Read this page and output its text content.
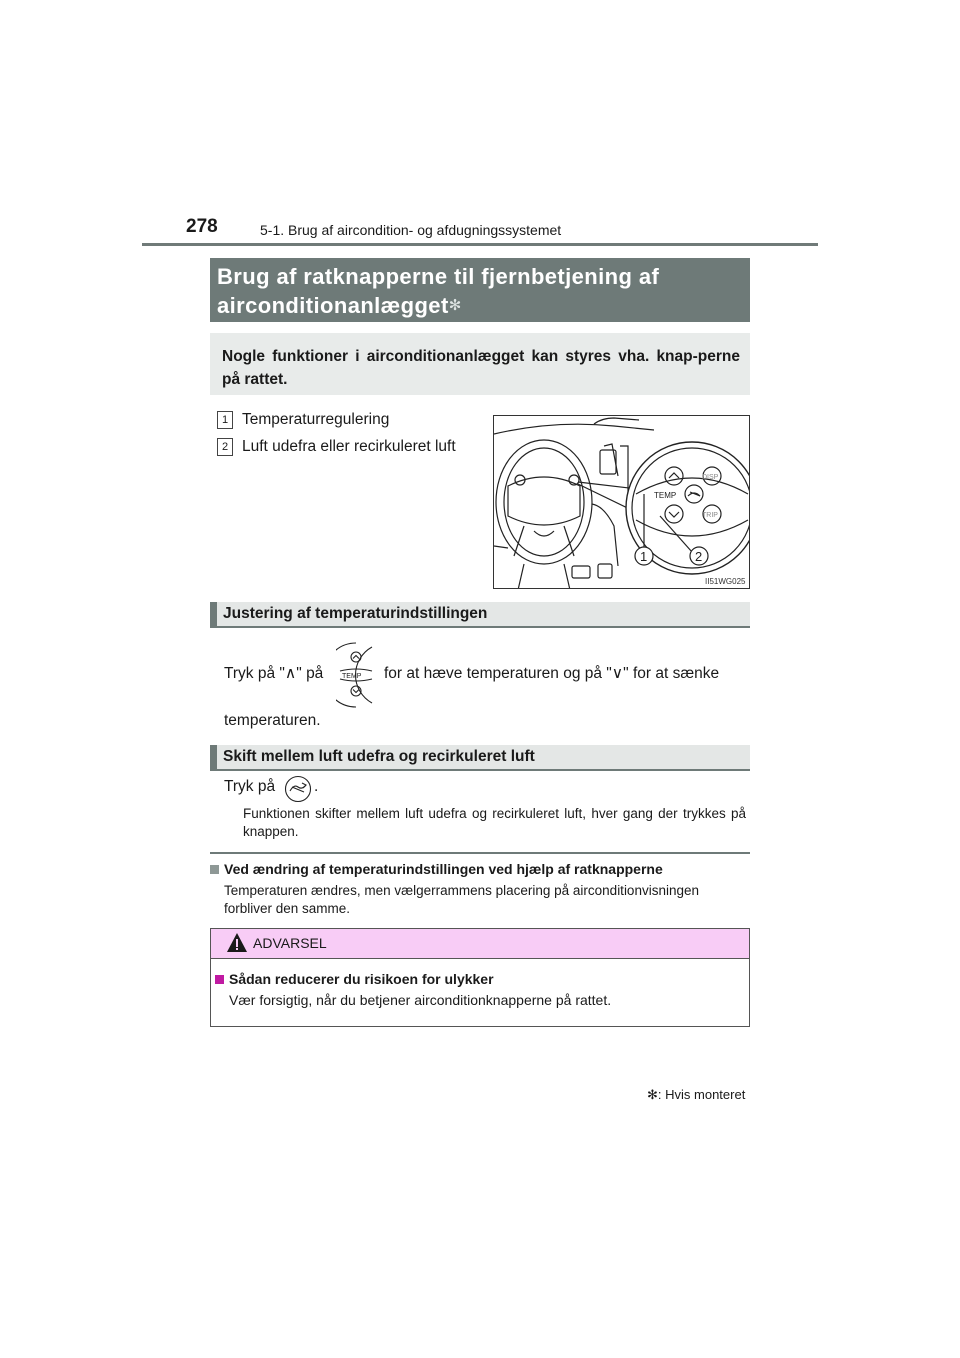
278	5-1. Brug af aircondition- og afdugningssystemet
Brug af ratknapperne til fjernbetjening af airconditionanlægget✻
Nogle funktioner i airconditionanlægget kan styres vha. knap-perne på rattet.
1 Temperaturregulering
2 Luft udefra eller recirkuleret luft
TEMP
DISP
TRIP
1	2
II51WG025
Justering af temperaturindstillingen
Tryk på "∧" på	TEMP for at hæve temperaturen og på "∨" for at sænke
temperaturen.
Skift mellem luft udefra og recirkuleret luft
Tryk på	.
Funktionen skifter mellem luft udefra og recirkuleret luft, hver gang der trykkes på knappen.
Ved ændring af temperaturindstillingen ved hjælp af ratknapperne
Temperaturen ændres, men vælgerrammens placering på airconditionvisningen forbliver den samme.
ADVARSEL
Sådan reducerer du risikoen for ulykker
Vær forsigtig, når du betjener airconditionknapperne på rattet.
✻: Hvis monteret
